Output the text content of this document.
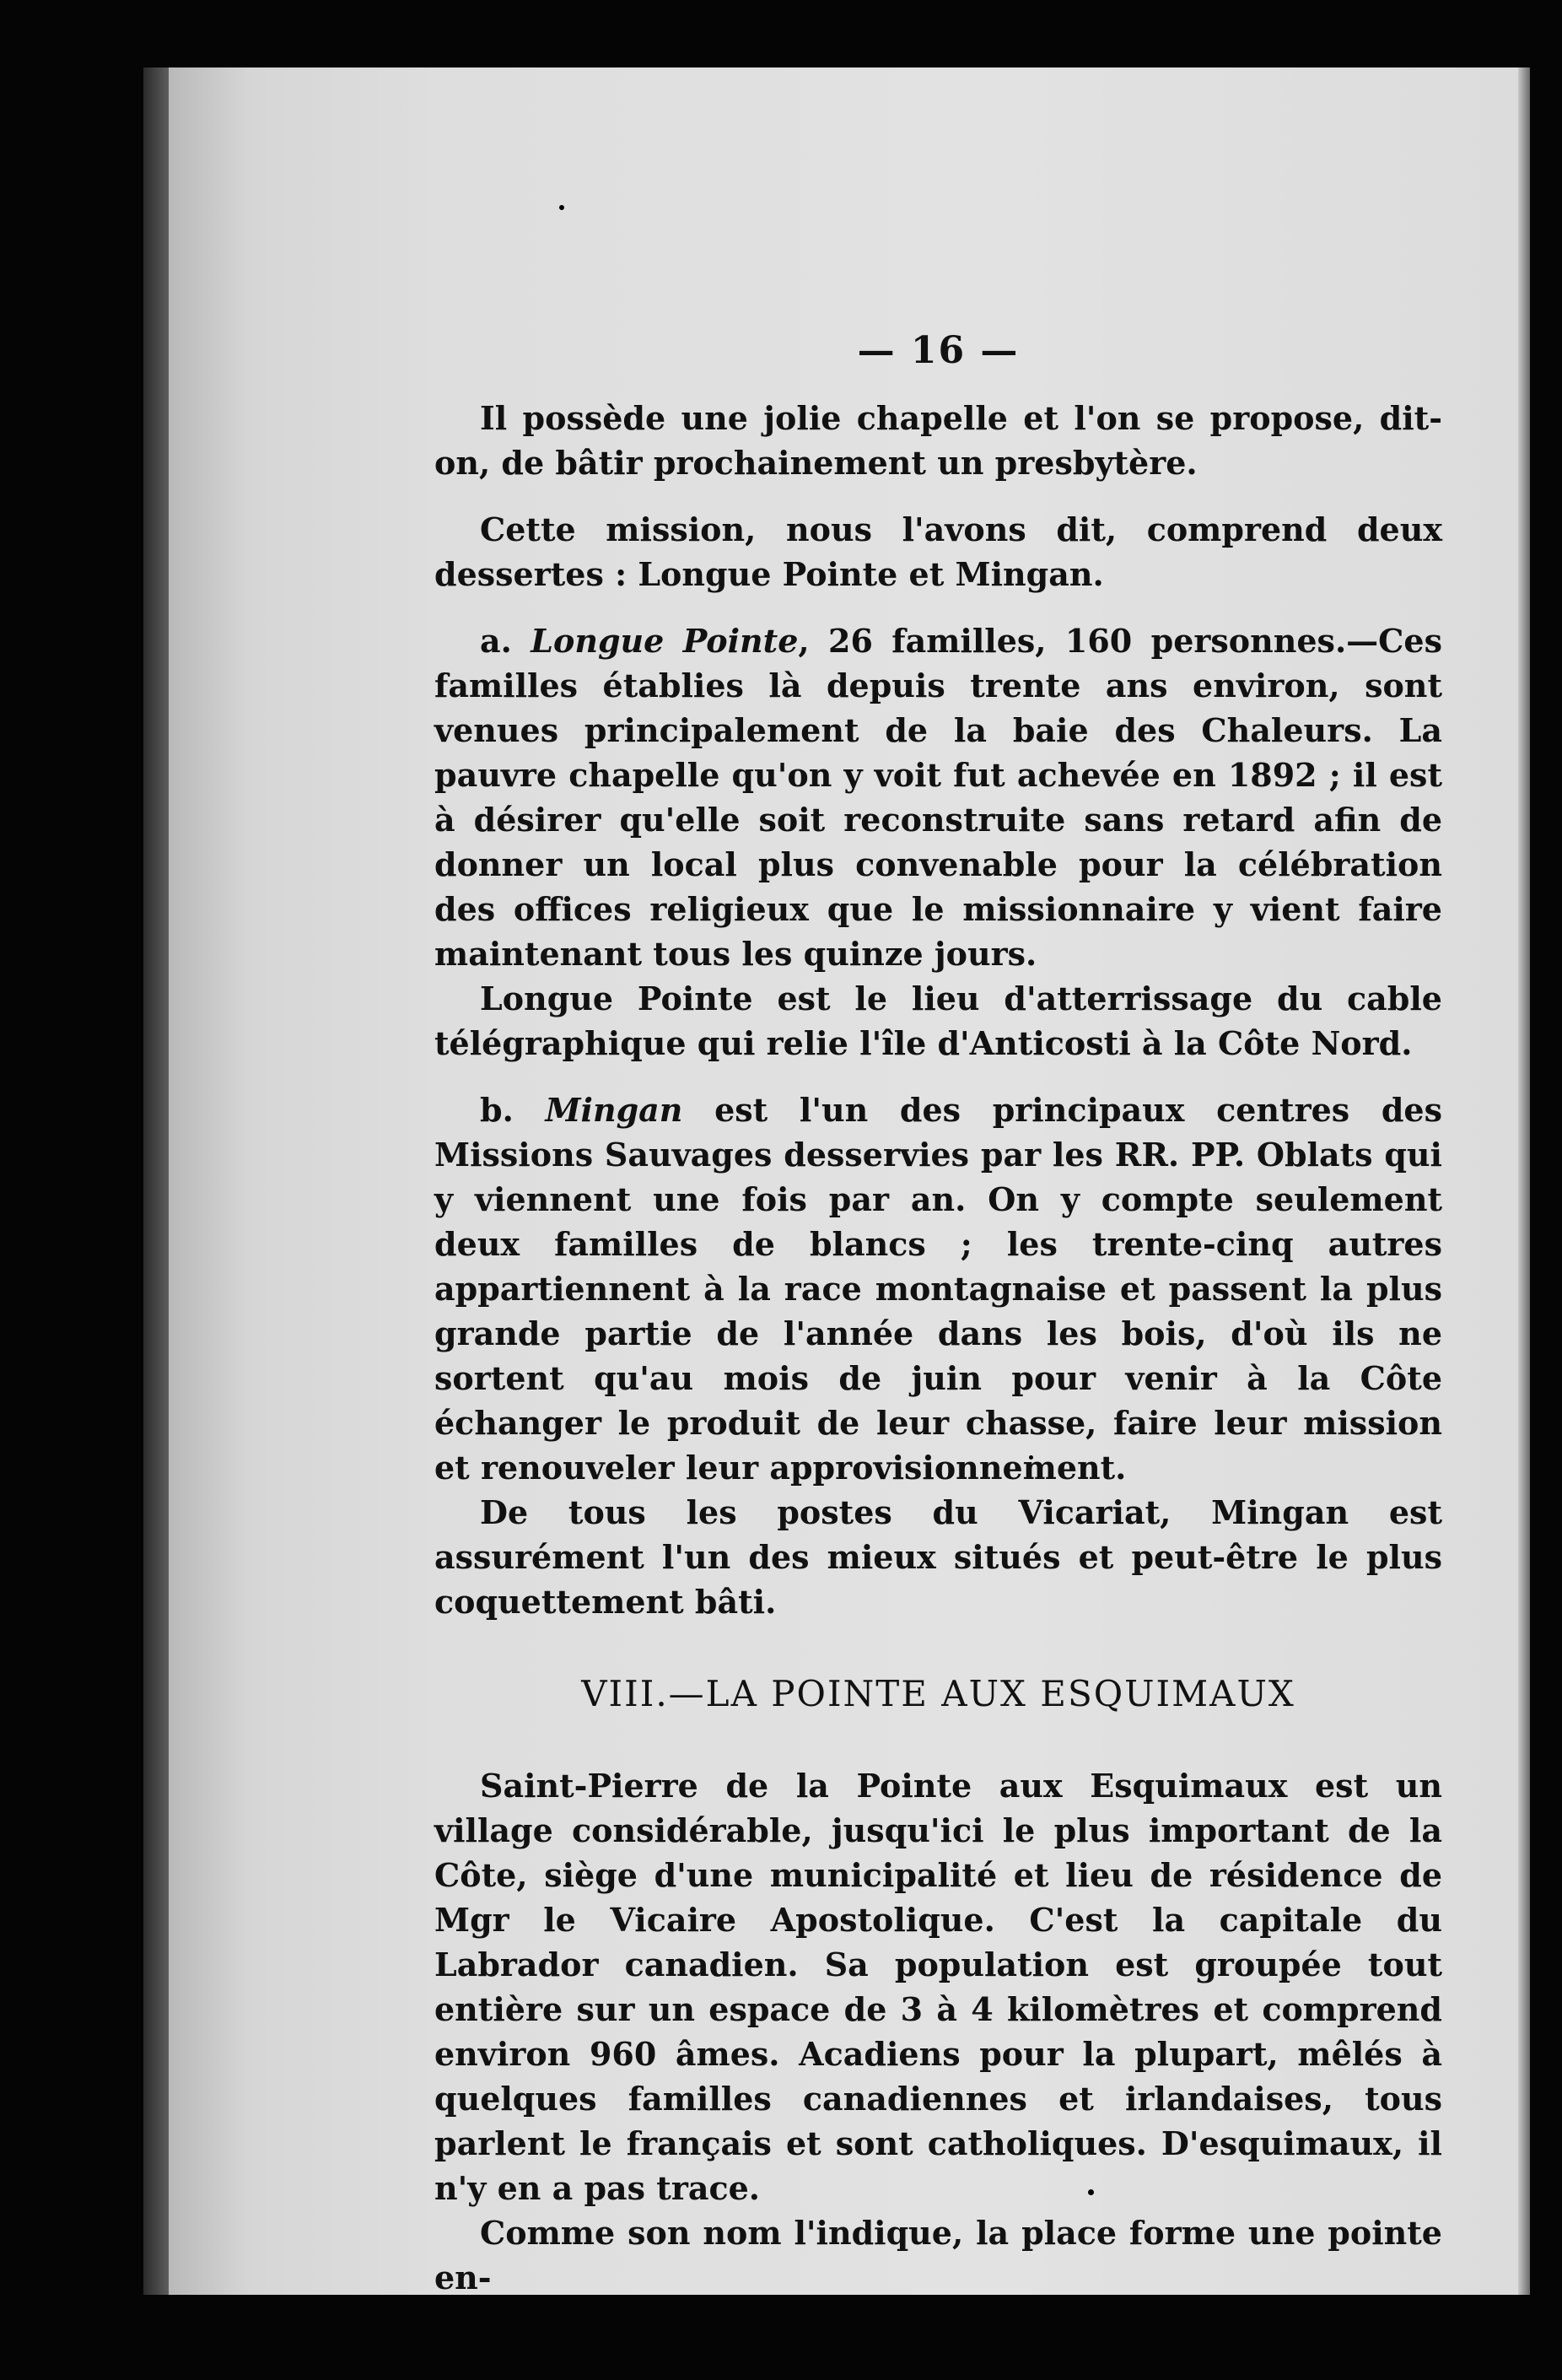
— 16 —

Il possède une jolie chapelle et l'on se propose, dit-on, de bâtir prochainement un presbytère.

Cette mission, nous l'avons dit, comprend deux dessertes : Longue Pointe et Mingan.

a. Longue Pointe, 26 familles, 160 personnes.—Ces familles établies là depuis trente ans environ, sont venues principalement de la baie des Chaleurs. La pauvre chapelle qu'on y voit fut achevée en 1892 ; il est à désirer qu'elle soit reconstruite sans retard afin de donner un local plus convenable pour la célébration des offices religieux que le missionnaire y vient faire maintenant tous les quinze jours.

Longue Pointe est le lieu d'atterrissage du cable télégraphique qui relie l'île d'Anticosti à la Côte Nord.

b. Mingan est l'un des principaux centres des Missions Sauvages desservies par les RR. PP. Oblats qui y viennent une fois par an. On y compte seulement deux familles de blancs ; les trente-cinq autres appartiennent à la race montagnaise et passent la plus grande partie de l'année dans les bois, d'où ils ne sortent qu'au mois de juin pour venir à la Côte échanger le produit de leur chasse, faire leur mission et renouveler leur approvisionnement.

De tous les postes du Vicariat, Mingan est assurément l'un des mieux situés et peut-être le plus coquettement bâti.

VIII.—LA POINTE AUX ESQUIMAUX

Saint-Pierre de la Pointe aux Esquimaux est un village considérable, jusqu'ici le plus important de la Côte, siège d'une municipalité et lieu de résidence de Mgr le Vicaire Apostolique. C'est la capitale du Labrador canadien. Sa population est groupée tout entière sur un espace de 3 à 4 kilomètres et comprend environ 960 âmes. Acadiens pour la plupart, mêlés à quelques familles canadiennes et irlandaises, tous parlent le français et sont catholiques. D'esquimaux, il n'y en a pas trace.

Comme son nom l'indique, la place forme une pointe en-
